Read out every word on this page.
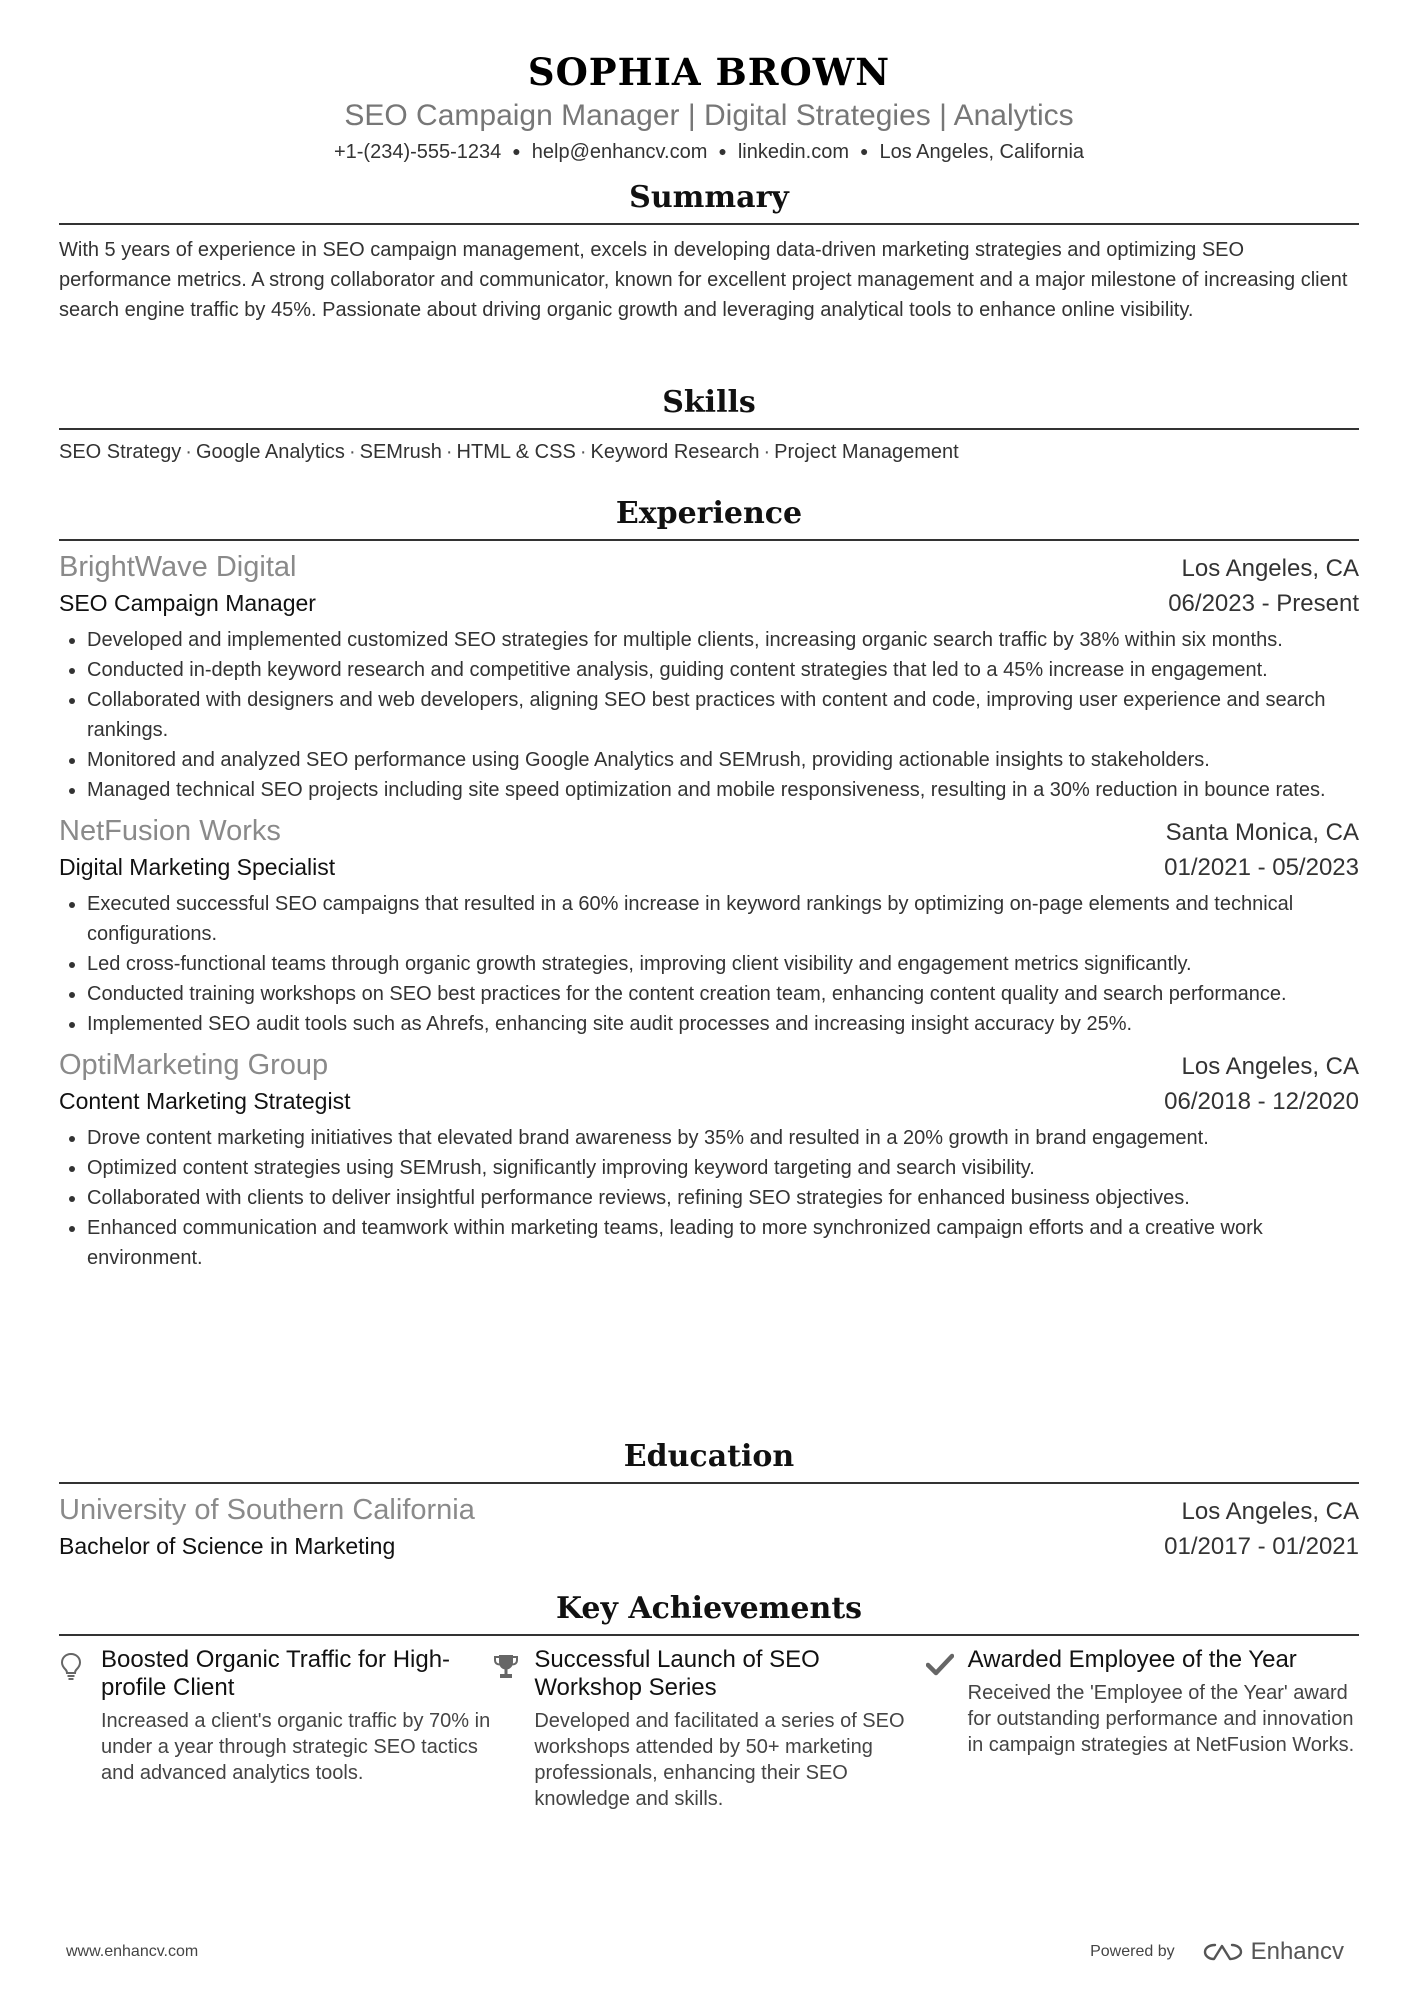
SOPHIA BROWN
SEO Campaign Manager | Digital Strategies | Analytics
+1-(234)-555-1234 ● help@enhancv.com ● linkedin.com ● Los Angeles, California
Summary
With 5 years of experience in SEO campaign management, excels in developing data-driven marketing strategies and optimizing SEO performance metrics. A strong collaborator and communicator, known for excellent project management and a major milestone of increasing client search engine traffic by 45%. Passionate about driving organic growth and leveraging analytical tools to enhance online visibility.
Skills
SEO Strategy · Google Analytics · SEMrush · HTML & CSS · Keyword Research · Project Management
Experience
BrightWave Digital	Los Angeles, CA
SEO Campaign Manager	06/2023 - Present
• Developed and implemented customized SEO strategies for multiple clients, increasing organic search traffic by 38% within six months.
• Conducted in-depth keyword research and competitive analysis, guiding content strategies that led to a 45% increase in engagement.
• Collaborated with designers and web developers, aligning SEO best practices with content and code, improving user experience and search rankings.
• Monitored and analyzed SEO performance using Google Analytics and SEMrush, providing actionable insights to stakeholders.
• Managed technical SEO projects including site speed optimization and mobile responsiveness, resulting in a 30% reduction in bounce rates.
NetFusion Works	Santa Monica, CA
Digital Marketing Specialist	01/2021 - 05/2023
• Executed successful SEO campaigns that resulted in a 60% increase in keyword rankings by optimizing on-page elements and technical configurations.
• Led cross-functional teams through organic growth strategies, improving client visibility and engagement metrics significantly.
• Conducted training workshops on SEO best practices for the content creation team, enhancing content quality and search performance.
• Implemented SEO audit tools such as Ahrefs, enhancing site audit processes and increasing insight accuracy by 25%.
OptiMarketing Group	Los Angeles, CA
Content Marketing Strategist	06/2018 - 12/2020
• Drove content marketing initiatives that elevated brand awareness by 35% and resulted in a 20% growth in brand engagement.
• Optimized content strategies using SEMrush, significantly improving keyword targeting and search visibility.
• Collaborated with clients to deliver insightful performance reviews, refining SEO strategies for enhanced business objectives.
• Enhanced communication and teamwork within marketing teams, leading to more synchronized campaign efforts and a creative work environment.
Education
University of Southern California	Los Angeles, CA
Bachelor of Science in Marketing	01/2017 - 01/2021
Key Achievements
Boosted Organic Traffic for High-profile Client
Increased a client's organic traffic by 70% in under a year through strategic SEO tactics and advanced analytics tools.
Successful Launch of SEO Workshop Series
Developed and facilitated a series of SEO workshops attended by 50+ marketing professionals, enhancing their SEO knowledge and skills.
Awarded Employee of the Year
Received the 'Employee of the Year' award for outstanding performance and innovation in campaign strategies at NetFusion Works.
www.enhancv.com	Powered by	Enhancv
